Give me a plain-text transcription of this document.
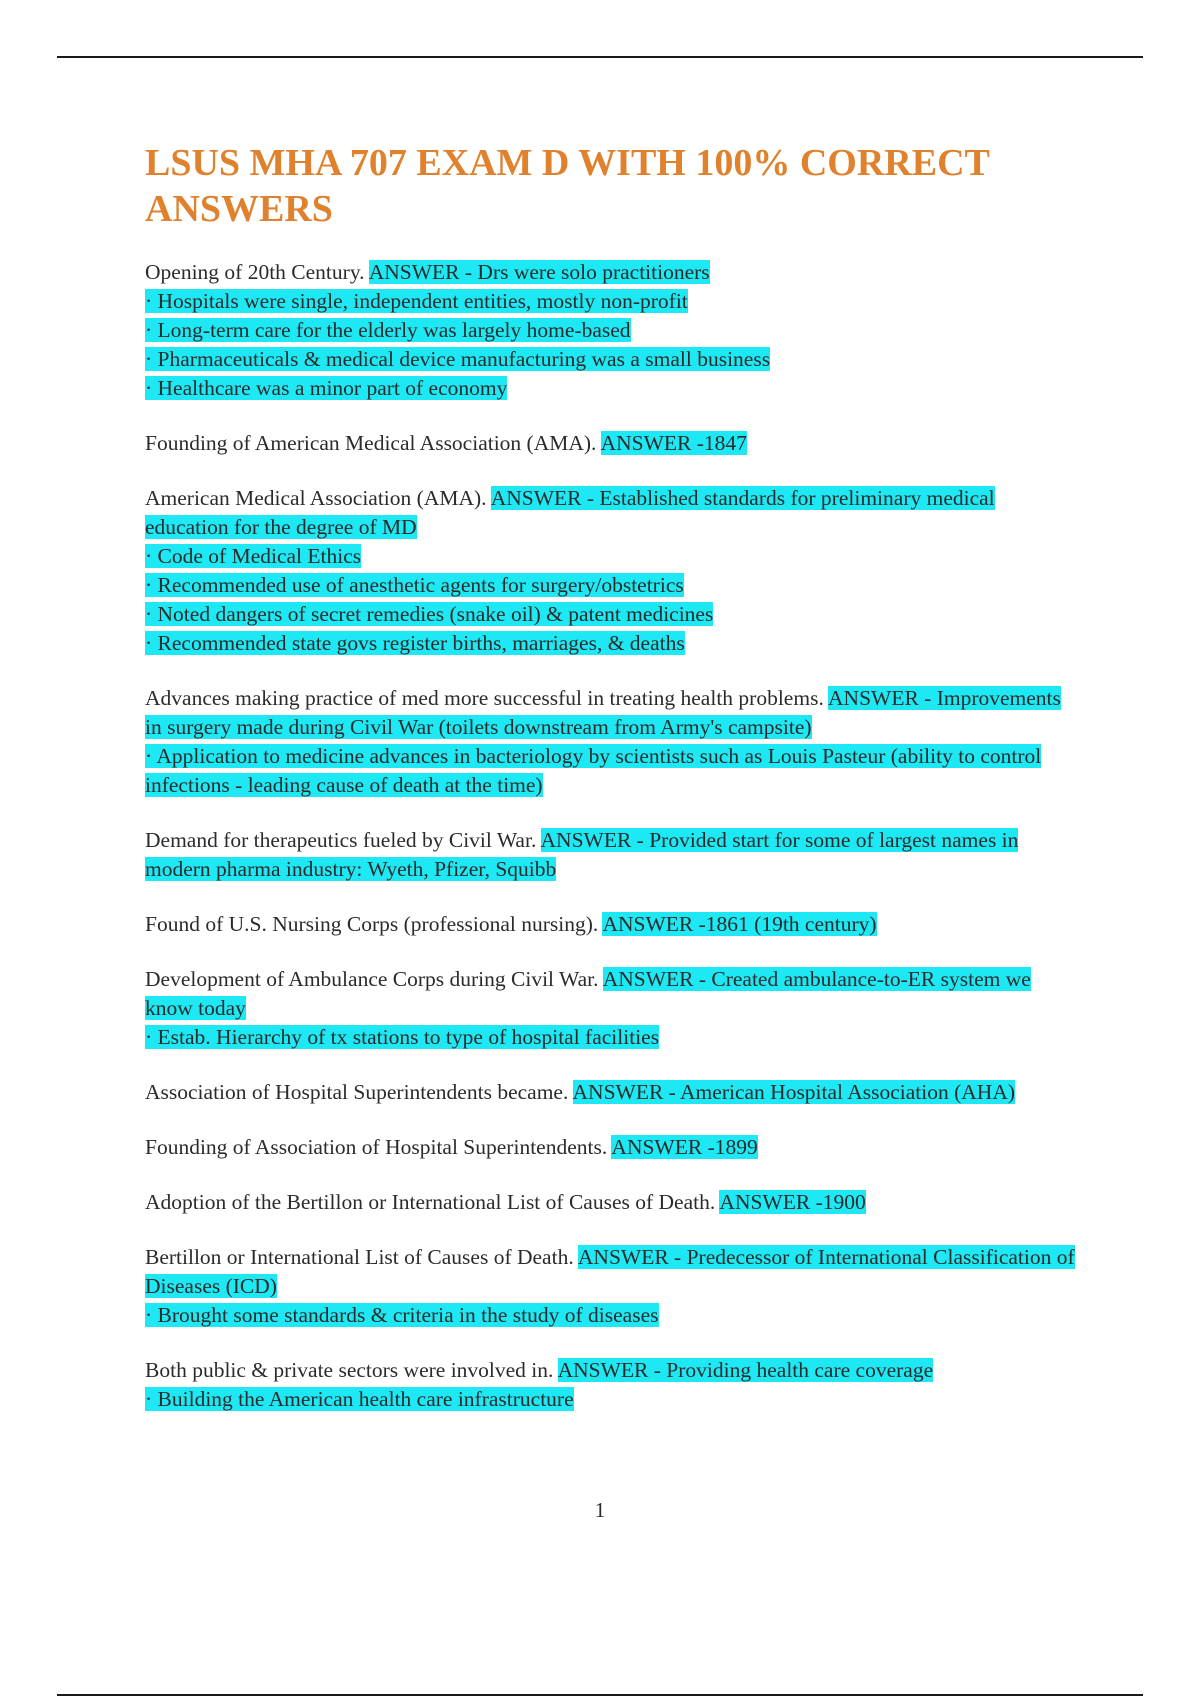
LSUS MHA 707 EXAM D WITH 100% CORRECT ANSWERS
Opening of 20th Century. ANSWER - Drs were solo practitioners
· Hospitals were single, independent entities, mostly non-profit
· Long-term care for the elderly was largely home-based
· Pharmaceuticals & medical device manufacturing was a small business
· Healthcare was a minor part of economy
Founding of American Medical Association (AMA). ANSWER -1847
American Medical Association (AMA). ANSWER - Established standards for preliminary medical education for the degree of MD
· Code of Medical Ethics
· Recommended use of anesthetic agents for surgery/obstetrics
· Noted dangers of secret remedies (snake oil) & patent medicines
· Recommended state govs register births, marriages, & deaths
Advances making practice of med more successful in treating health problems. ANSWER - Improvements in surgery made during Civil War (toilets downstream from Army's campsite)
· Application to medicine advances in bacteriology by scientists such as Louis Pasteur (ability to control infections - leading cause of death at the time)
Demand for therapeutics fueled by Civil War. ANSWER - Provided start for some of largest names in modern pharma industry: Wyeth, Pfizer, Squibb
Found of U.S. Nursing Corps (professional nursing). ANSWER -1861 (19th century)
Development of Ambulance Corps during Civil War. ANSWER - Created ambulance-to-ER system we know today
· Estab. Hierarchy of tx stations to type of hospital facilities
Association of Hospital Superintendents became. ANSWER - American Hospital Association (AHA)
Founding of Association of Hospital Superintendents. ANSWER -1899
Adoption of the Bertillon or International List of Causes of Death. ANSWER -1900
Bertillon or International List of Causes of Death. ANSWER - Predecessor of International Classification of Diseases (ICD)
· Brought some standards & criteria in the study of diseases
Both public & private sectors were involved in. ANSWER - Providing health care coverage
· Building the American health care infrastructure
1
